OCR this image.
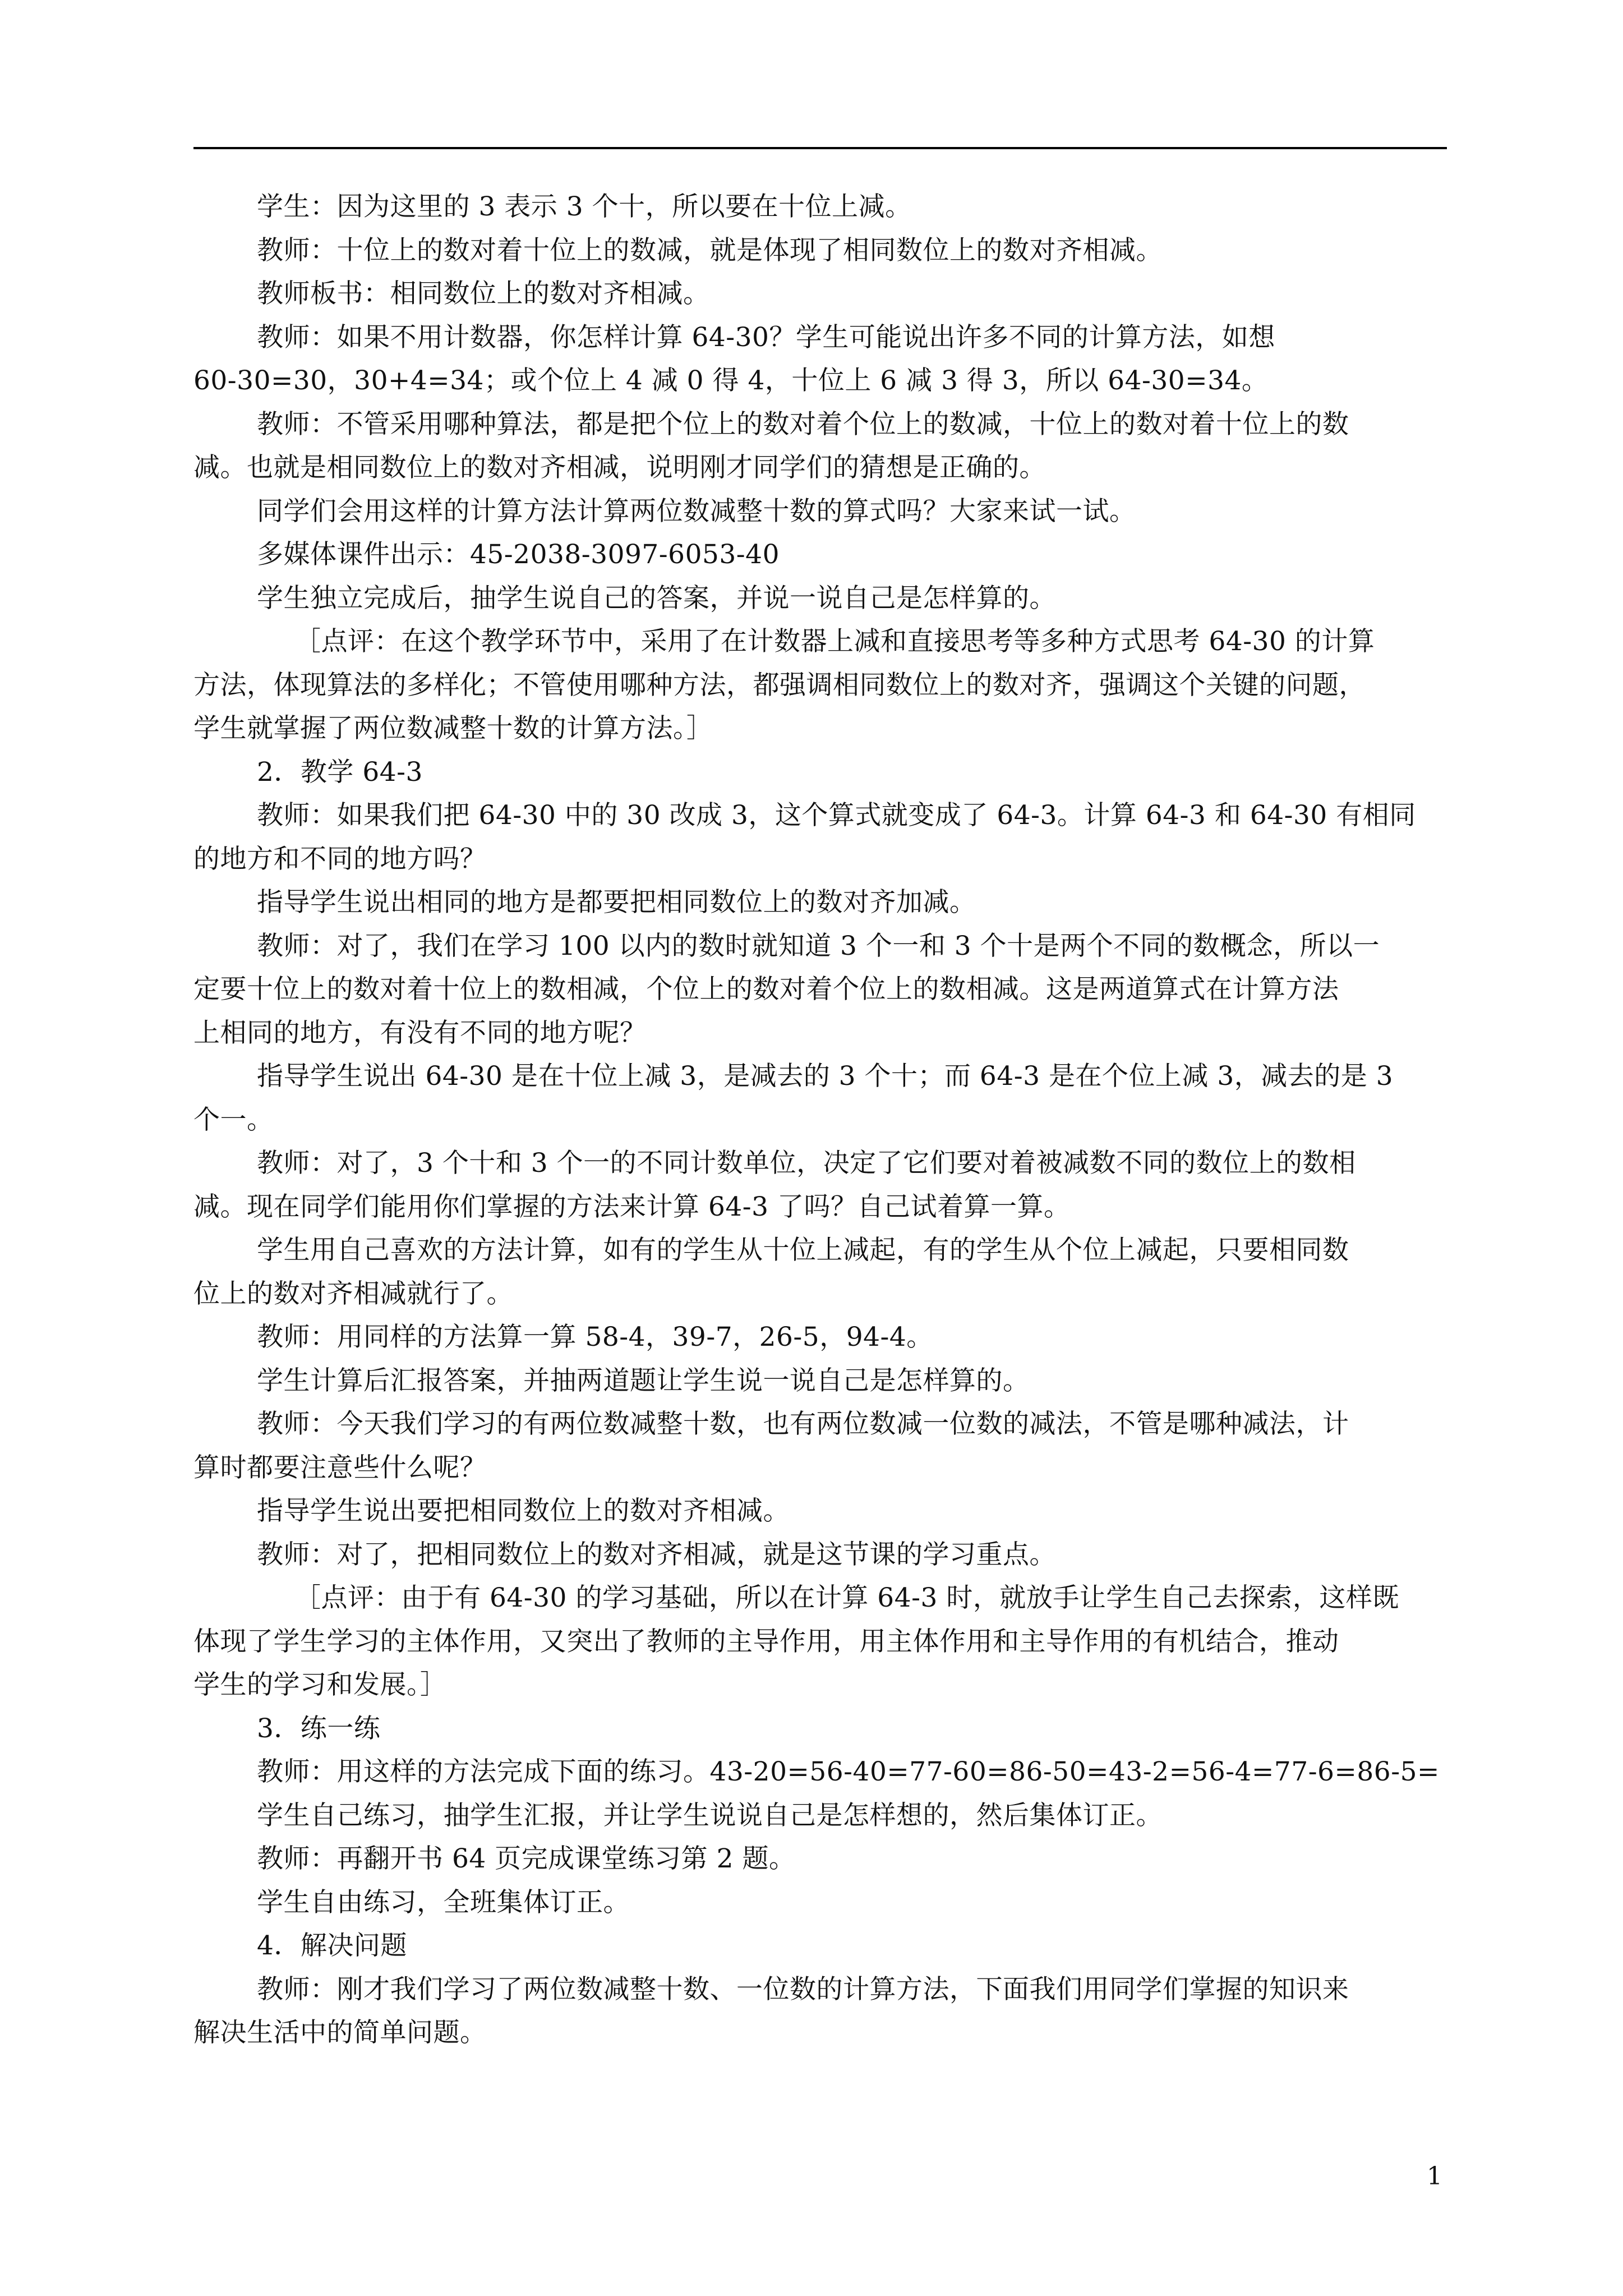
学生：因为这里的 3 表示 3 个十，所以要在十位上减。

教师：十位上的数对着十位上的数减，就是体现了相同数位上的数对齐相减。

教师板书：相同数位上的数对齐相减。

教师：如果不用计数器，你怎样计算 64-30？学生可能说出许多不同的计算方法，如想

60-30=30，30+4=34；或个位上 4 减 0 得 4，十位上 6 减 3 得 3，所以 64-30=34。

教师：不管采用哪种算法，都是把个位上的数对着个位上的数减，十位上的数对着十位上的数

减。也就是相同数位上的数对齐相减，说明刚才同学们的猜想是正确的。

同学们会用这样的计算方法计算两位数减整十数的算式吗？大家来试一试。

多媒体课件出示：45-2038-3097-6053-40

学生独立完成后，抽学生说自己的答案，并说一说自己是怎样算的。

［点评：在这个教学环节中，采用了在计数器上减和直接思考等多种方式思考 64-30 的计算

方法，体现算法的多样化；不管使用哪种方法，都强调相同数位上的数对齐，强调这个关键的问题，

学生就掌握了两位数减整十数的计算方法。］

2．教学 64-3

教师：如果我们把 64-30 中的 30 改成 3，这个算式就变成了 64-3。计算 64-3 和 64-30 有相同

的地方和不同的地方吗？

指导学生说出相同的地方是都要把相同数位上的数对齐加减。

教师：对了，我们在学习 100 以内的数时就知道 3 个一和 3 个十是两个不同的数概念，所以一

定要十位上的数对着十位上的数相减，个位上的数对着个位上的数相减。这是两道算式在计算方法

上相同的地方，有没有不同的地方呢？

指导学生说出 64-30 是在十位上减 3，是减去的 3 个十；而 64-3 是在个位上减 3，减去的是 3

个一。

教师：对了，3 个十和 3 个一的不同计数单位，决定了它们要对着被减数不同的数位上的数相

减。现在同学们能用你们掌握的方法来计算 64-3 了吗？自己试着算一算。

学生用自己喜欢的方法计算，如有的学生从十位上减起，有的学生从个位上减起，只要相同数

位上的数对齐相减就行了。

教师：用同样的方法算一算 58-4，39-7，26-5，94-4。

学生计算后汇报答案，并抽两道题让学生说一说自己是怎样算的。

教师：今天我们学习的有两位数减整十数，也有两位数减一位数的减法，不管是哪种减法，计

算时都要注意些什么呢？

指导学生说出要把相同数位上的数对齐相减。

教师：对了，把相同数位上的数对齐相减，就是这节课的学习重点。

［点评：由于有 64-30 的学习基础，所以在计算 64-3 时，就放手让学生自己去探索，这样既

体现了学生学习的主体作用，又突出了教师的主导作用，用主体作用和主导作用的有机结合，推动

学生的学习和发展。］

3．练一练

教师：用这样的方法完成下面的练习。43-20=56-40=77-60=86-50=43-2=56-4=77-6=86-5=

学生自己练习，抽学生汇报，并让学生说说自己是怎样想的，然后集体订正。

教师：再翻开书 64 页完成课堂练习第 2 题。

学生自由练习，全班集体订正。

4．解决问题

教师：刚才我们学习了两位数减整十数、一位数的计算方法，下面我们用同学们掌握的知识来

解决生活中的简单问题。

1
